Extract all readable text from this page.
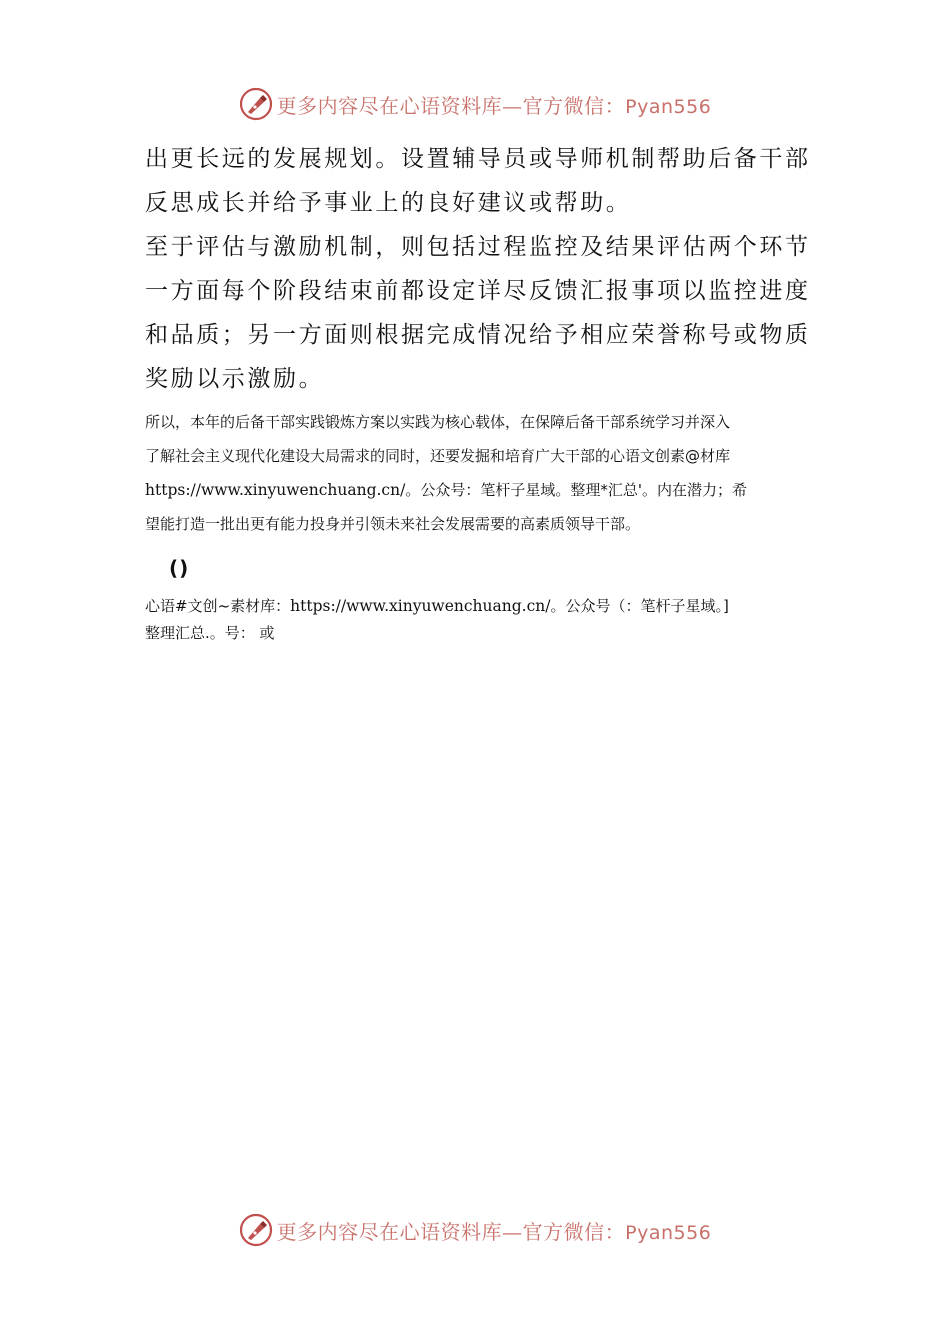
更多内容尽在心语资料库—官方微信：Pyan556

出更长远的发展规划。设置辅导员或导师机制帮助后备干部

反思成长并给予事业上的良好建议或帮助。

至于评估与激励机制，则包括过程监控及结果评估两个环节

一方面每个阶段结束前都设定详尽反馈汇报事项以监控进度

和品质；另一方面则根据完成情况给予相应荣誉称号或物质

奖励以示激励。

所以，本年的后备干部实践锻炼方案以实践为核心载体，在保障后备干部系统学习并深入

了解社会主义现代化建设大局需求的同时，还要发掘和培育广大干部的心语文创素@材库

https://www.xinyuwenchuang.cn/。公众号：笔杆子星域。整理*汇总'。内在潜力；希

望能打造一批出更有能力投身并引领未来社会发展需要的高素质领导干部。

()

心语#文创~素材库：https://www.xinyuwenchuang.cn/。公众号（：笔杆子星域。]

整理汇总.。号： 或

更多内容尽在心语资料库—官方微信：Pyan556
